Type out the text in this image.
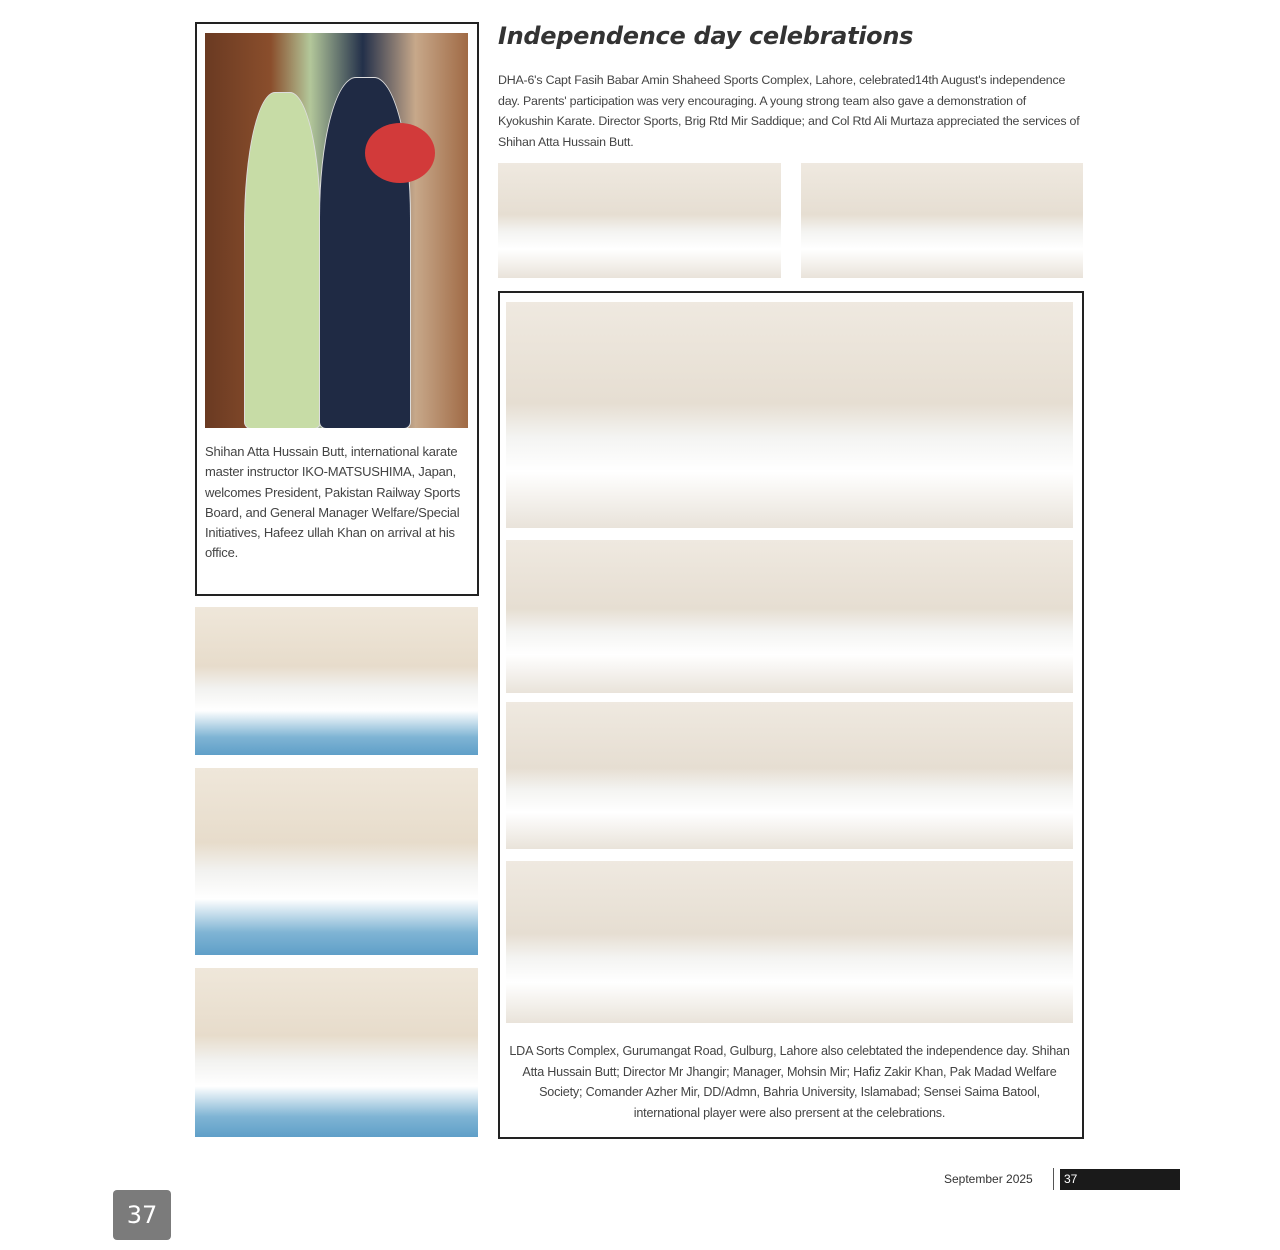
Independence day celebrations
DHA-6's Capt Fasih Babar Amin Shaheed Sports Complex, Lahore, celebrated14th August's independence day. Parents' participation was very encouraging. A young strong team also gave a demonstration of Kyokushin Karate. Director Sports, Brig Rtd Mir Saddique; and Col Rtd Ali Murtaza appreciated the services of Shihan Atta Hussain Butt.
Shihan Atta Hussain Butt, international karate master instructor IKO-MATSUSHIMA, Japan, welcomes President, Pakistan Railway Sports Board, and General Manager Welfare/Special Initiatives, Hafeez ullah Khan on arrival at his office.
LDA Sorts Complex, Gurumangat Road, Gulburg, Lahore also celebtated the independence day. Shihan Atta Hussain Butt; Director Mr Jhangir; Manager, Mohsin Mir; Hafiz Zakir Khan, Pak Madad Welfare Society; Comander Azher Mir, DD/Admn, Bahria University, Islamabad; Sensei Saima Batool, international player were also prersent at the celebrations.
September 2025	37
37
